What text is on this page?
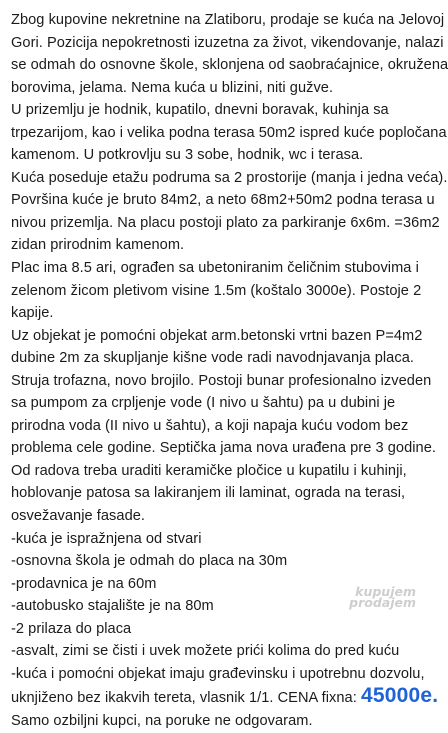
Zbog kupovine nekretnine na Zlatiboru, prodaje se kuća na Jelovoj
Gori. Pozicija nepokretnosti izuzetna za život, vikendovanje, nalazi
se odmah do osnovne škole, sklonjena od saobraćajnice, okružena
borovima, jelama. Nema kuća u blizini, niti gužve.
U prizemlju je hodnik, kupatilo, dnevni boravak, kuhinja sa
trpezarijom, kao i velika podna terasa 50m2 ispred kuće popločana
kamenom. U potkrovlju su 3 sobe, hodnik, wc i terasa.
Kuća poseduje etažu podruma sa 2 prostorije (manja i jedna veća).
Površina kuće je bruto 84m2, a neto 68m2+50m2 podna terasa u
nivou prizemlja. Na placu postoji plato za parkiranje 6x6m. =36m2
zidan prirodnim kamenom.
Plac ima 8.5 ari, ograđen sa ubetoniranim čeličnim stubovima i
zelenom žicom pletivom visine 1.5m (koštalo 3000e). Postoje 2
kapije.
Uz objekat je pomoćni objekat arm.betonski vrtni bazen P=4m2
dubine 2m za skupljanje kišne vode radi navodnjavanja placa.
Struja trofazna, novo brojilo. Postoji bunar profesionalno izveden
sa pumpom za crpljenje vode (I nivo u šahtu) pa u dubini je
prirodna voda (II nivo u šahtu), a koji napaja kuću vodom bez
problema cele godine. Septička jama nova urađena pre 3 godine.
Od radova treba uraditi keramičke pločice u kupatilu i kuhinji,
hoblovanje patosa sa lakiranjem ili laminat, ograda na terasi,
osvežavanje fasade.
-kuća je ispražnjena od stvari
-osnovna škola je odmah do placa na 30m
-prodavnica je na 60m
-autobusko stajalište je na 80m
-2 prilaza do placa
-asvalt, zimi se čisti i uvek možete prići kolima do pred kuću
-kuća i pomoćni objekat imaju građevinsku i upotrebnu dozvolu,
uknjiženo bez ikakvih tereta, vlasnik 1/1. CENA fixna: 45000e.
Samo ozbiljni kupci, na poruke ne odgovaram.
kupujem
prodajem
